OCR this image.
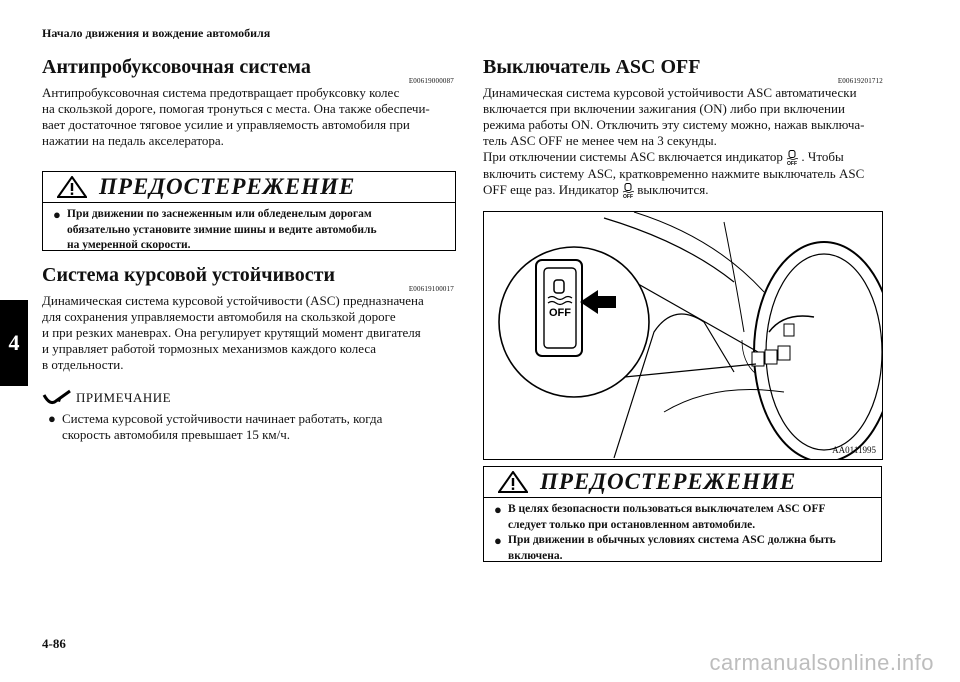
Начало движения и вождение автомобиля
4
Антипробуксовочная система
E00619000087
Антипробуксовочная система предотвращает пробуксовку колес
на скользкой дороге, помогая тронуться с места. Она также обеспечи-
вает достаточное тяговое усилие и управляемость автомобиля при
нажатии на педаль акселератора.
ПРЕДОСТЕРЕЖЕНИЕ
● При движении по заснеженным или обледенелым дорогам
обязательно установите зимние шины и ведите автомобиль
на умеренной скорости.
Система курсовой устойчивости
E00619100017
Динамическая система курсовой устойчивости (ASC) предназначена
для сохранения управляемости автомобиля на скользкой дороге
и при резких маневрах. Она регулирует крутящий момент двигателя
и управляет работой тормозных механизмов каждого колеса
в отдельности.
ПРИМЕЧАНИЕ
● Система курсовой устойчивости начинает работать, когда
скорость автомобиля превышает 15 км/ч.
Выключатель ASC OFF
E00619201712
Динамическая система курсовой устойчивости ASC автоматически
включается при включении зажигания (ON) либо при включении
режима работы ON. Отключить эту систему можно, нажав выключа-
тель ASC OFF не менее чем на 3 секунды.
При отключении системы ASC включается индикатор
OFF
. Чтобы
включить систему ASC, кратковременно нажмите выключатель ASC
OFF еще раз. Индикатор
OFF
выключится.
OFF
AA0111995
ПРЕДОСТЕРЕЖЕНИЕ
● В целях безопасности пользоваться выключателем ASC OFF
следует только при остановленном автомобиле.
● При движении в обычных условиях система ASC должна быть
включена.
4-86
carmanualsonline.info
